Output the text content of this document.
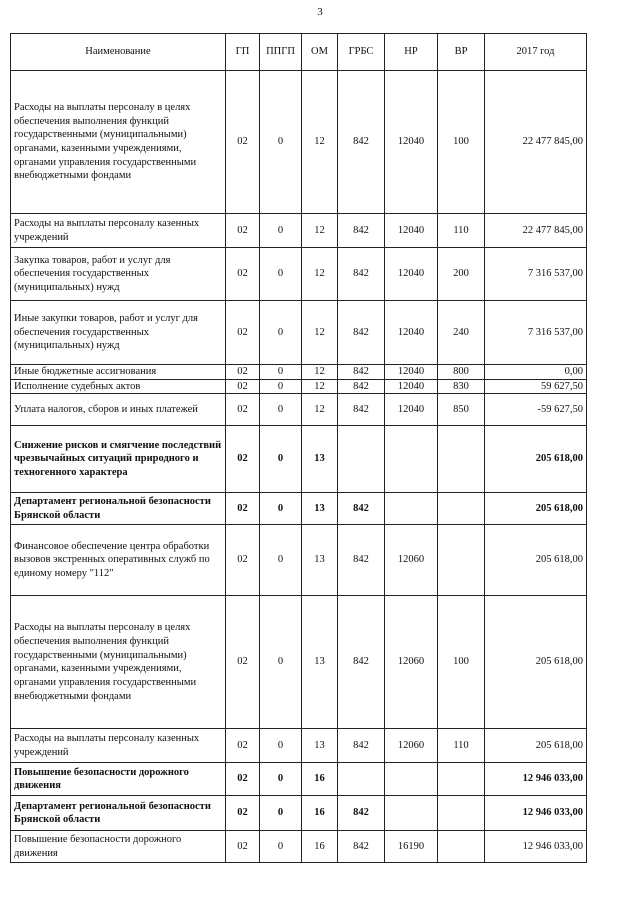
3
Наименование	ГП	ППГП	ОМ	ГРБС	НР	ВР	2017 год
Расходы на выплаты персоналу в целях обеспечения выполнения функций государственными (муниципальными) органами, казенными учреждениями, органами управления государственными внебюджетными фондами	02	0	12	842	12040	100	22 477 845,00
Расходы на выплаты персоналу казенных учреждений	02	0	12	842	12040	110	22 477 845,00
Закупка товаров, работ и услуг для обеспечения государственных (муниципальных) нужд	02	0	12	842	12040	200	7 316 537,00
Иные закупки товаров, работ и услуг для обеспечения государственных (муниципальных) нужд	02	0	12	842	12040	240	7 316 537,00
Иные бюджетные ассигнования	02	0	12	842	12040	800	0,00
Исполнение судебных актов	02	0	12	842	12040	830	59 627,50
Уплата налогов, сборов и иных платежей	02	0	12	842	12040	850	-59 627,50
Снижение рисков и смягчение последствий чрезвычайных ситуаций природного и техногенного характера	02	0	13				205 618,00
Департамент региональной безопасности Брянской области	02	0	13	842			205 618,00
Финансовое обеспечение центра обработки вызовов экстренных оперативных служб по единому номеру "112"	02	0	13	842	12060		205 618,00
Расходы на выплаты персоналу в целях обеспечения выполнения функций государственными (муниципальными) органами, казенными учреждениями, органами управления государственными внебюджетными фондами	02	0	13	842	12060	100	205 618,00
Расходы на выплаты персоналу казенных учреждений	02	0	13	842	12060	110	205 618,00
Повышение безопасности дорожного движения	02	0	16				12 946 033,00
Департамент региональной безопасности Брянской области	02	0	16	842			12 946 033,00
Повышение безопасности дорожного движения	02	0	16	842	16190		12 946 033,00
